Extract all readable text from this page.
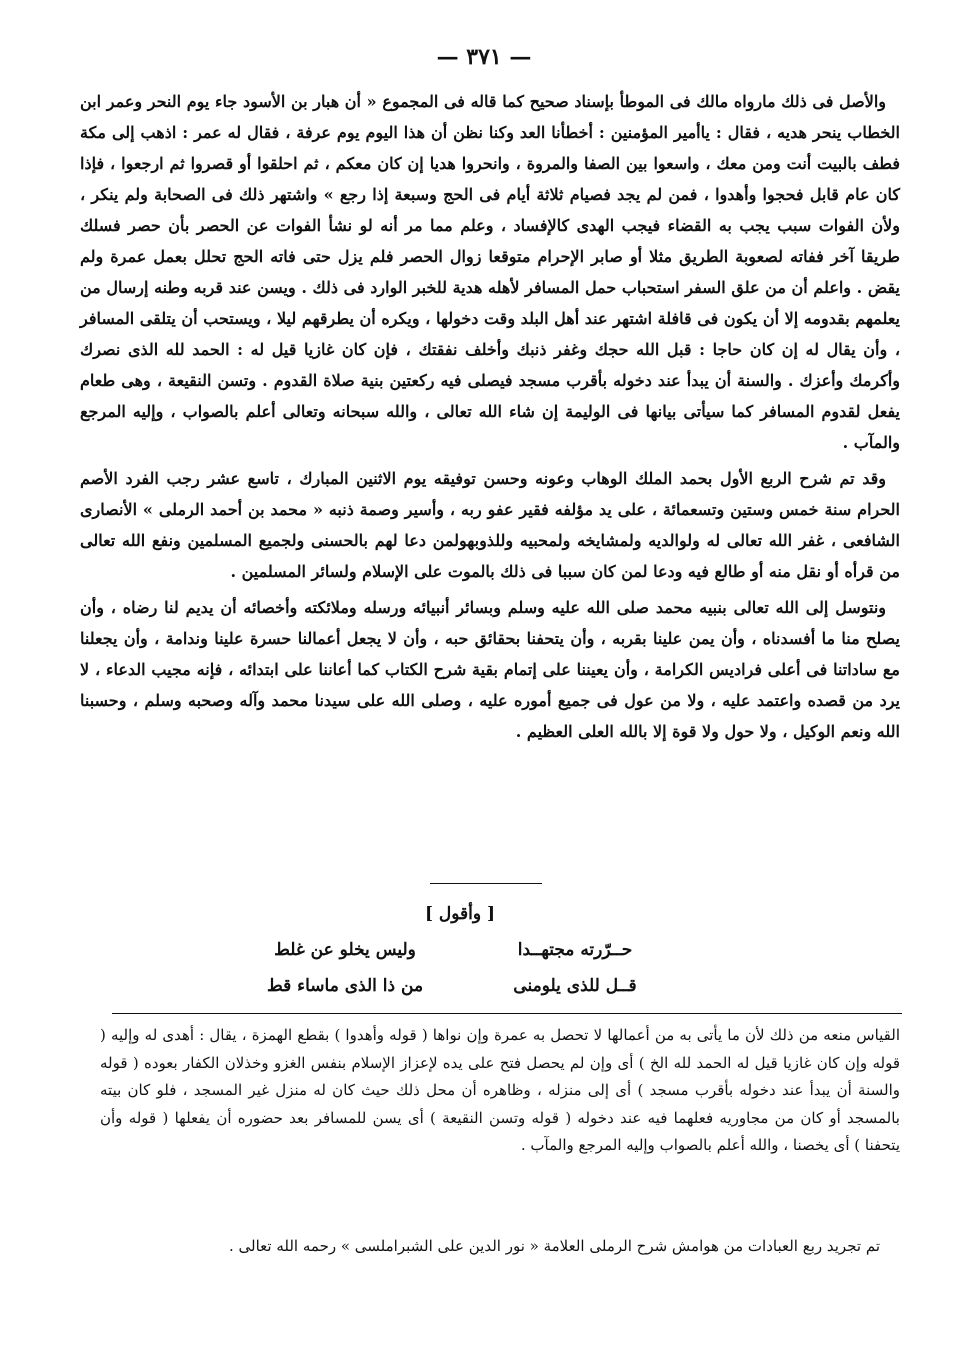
— ٣٧١ —

والأصل فى ذلك مارواه مالك فى الموطأ بإسناد صحيح كما قاله فى المجموع « أن هبار بن الأسود جاء يوم النحر وعمر ابن الخطاب ينحر هديه ، فقال : ياأمير المؤمنين : أخطأنا العد وكنا نظن أن هذا اليوم يوم عرفة ، فقال له عمر : اذهب إلى مكة فطف بالبيت أنت ومن معك ، واسعوا بين الصفا والمروة ، وانحروا هديا إن كان معكم ، ثم احلقوا أو قصروا ثم ارجعوا ، فإذا كان عام قابل فحجوا وأهدوا ، فمن لم يجد فصيام ثلاثة أيام فى الحج وسبعة إذا رجع » واشتهر ذلك فى الصحابة ولم ينكر ، ولأن الفوات سبب يجب به القضاء فيجب الهدى كالإفساد ، وعلم مما مر أنه لو نشأ الفوات عن الحصر بأن حصر فسلك طريقا آخر ففاته لصعوبة الطريق مثلا أو صابر الإحرام متوقعا زوال الحصر فلم يزل حتى فاته الحج تحلل بعمل عمرة ولم يقض . واعلم أن من علق السفر استحباب حمل المسافر لأهله هدية للخبر الوارد فى ذلك . ويسن عند قربه وطنه إرسال من يعلمهم بقدومه إلا أن يكون فى قافلة اشتهر عند أهل البلد وقت دخولها ، ويكره أن يطرقهم ليلا ، ويستحب أن يتلقى المسافر ، وأن يقال له إن كان حاجا : قبل الله حجك وغفر ذنبك وأخلف نفقتك ، فإن كان غازيا قيل له : الحمد لله الذى نصرك وأكرمك وأعزك . والسنة أن يبدأ عند دخوله بأقرب مسجد فيصلى فيه ركعتين بنية صلاة القدوم . وتسن النقيعة ، وهى طعام يفعل لقدوم المسافر كما سيأتى بيانها فى الوليمة إن شاء الله تعالى ، والله سبحانه وتعالى أعلم بالصواب ، وإليه المرجع والمآب .

وقد تم شرح الربع الأول بحمد الملك الوهاب وعونه وحسن توفيقه يوم الاثنين المبارك ، تاسع عشر رجب الفرد الأصم الحرام سنة خمس وستين وتسعمائة ، على يد مؤلفه فقير عفو ربه ، وأسير وصمة ذنبه « محمد بن أحمد الرملى » الأنصارى الشافعى ، غفر الله تعالى له ولوالديه ولمشايخه ولمحبيه وللذوبهولمن دعا لهم بالحسنى ولجميع المسلمين ونفع الله تعالى من قرأه أو نقل منه أو طالع فيه ودعا لمن كان سببا فى ذلك بالموت على الإسلام ولسائر المسلمين .

ونتوسل إلى الله تعالى بنبيه محمد صلى الله عليه وسلم وبسائر أنبيائه ورسله وملائكته وأخصائه أن يديم لنا رضاه ، وأن يصلح منا ما أفسدناه ، وأن يمن علينا بقربه ، وأن يتحفنا بحقائق حبه ، وأن لا يجعل أعمالنا حسرة علينا وندامة ، وأن يجعلنا مع ساداتنا فى أعلى فراديس الكرامة ، وأن يعيننا على إتمام بقية شرح الكتاب كما أعاننا على ابتدائه ، فإنه مجيب الدعاء ، لا يرد من قصده واعتمد عليه ، ولا من عول فى جميع أموره عليه ، وصلى الله على سيدنا محمد وآله وصحبه وسلم ، وحسبنا الله ونعم الوكيل ، ولا حول ولا قوة إلا بالله العلى العظيم .

[ وأقول ]
حــرّرته مجتهــدا
وليس يخلو عن غلط
قــل للذى يلومنى
من ذا الذى ماساء قط

القياس منعه من ذلك لأن ما يأتى به من أعمالها لا تحصل به عمرة وإن نواها ( قوله وأهدوا ) بقطع الهمزة ، يقال : أهدى له وإليه ( قوله وإن كان غازيا قيل له الحمد لله الخ ) أى وإن لم يحصل فتح على يده لإعزاز الإسلام بنفس الغزو وخذلان الكفار بعوده ( قوله والسنة أن يبدأ عند دخوله بأقرب مسجد ) أى إلى منزله ، وظاهره أن محل ذلك حيث كان له منزل غير المسجد ، فلو كان بيته بالمسجد أو كان من مجاوريه فعلهما فيه عند دخوله ( قوله وتسن النقيعة ) أى يسن للمسافر بعد حضوره أن يفعلها ( قوله وأن يتحفنا ) أى يخصنا ، والله أعلم بالصواب وإليه المرجع والمآب .

تم تجريد ربع العبادات من هوامش شرح الرملى العلامة « نور الدين على الشبراملسى » رحمه الله تعالى .
